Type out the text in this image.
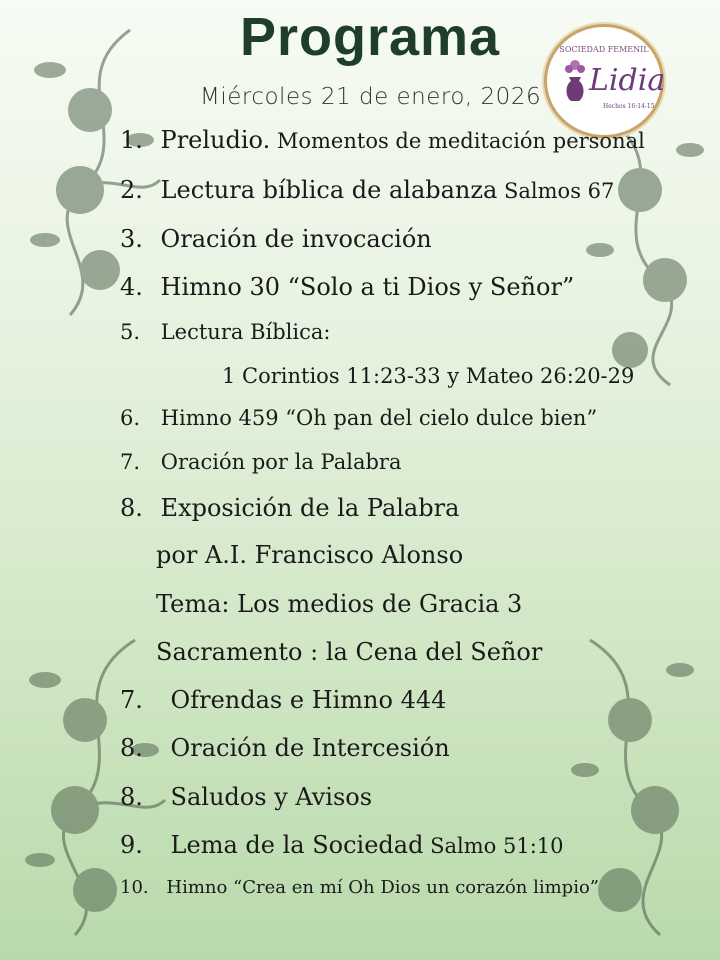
Programa
Miércoles 21 de enero, 2026
SOCIEDAD FEMENIL
Lidia
Hechos 16:14-15
1. Preludio. Momentos de meditación personal
2. Lectura bíblica de alabanza Salmos 67
3. Oración de invocación
4. Himno 30 “Solo a ti Dios y Señor”
5. Lectura Bíblica:
1 Corintios 11:23-33 y Mateo 26:20-29
6. Himno 459 “Oh pan del cielo dulce bien”
7. Oración por la Palabra
8. Exposición de la Palabra
por A.I. Francisco Alonso
Tema: Los medios de Gracia 3
Sacramento : la Cena del Señor
7. Ofrendas e Himno 444
8. Oración de Intercesión
8. Saludos y Avisos
9. Lema de la Sociedad Salmo 51:10
10. Himno “Crea en mí Oh Dios un corazón limpio”
